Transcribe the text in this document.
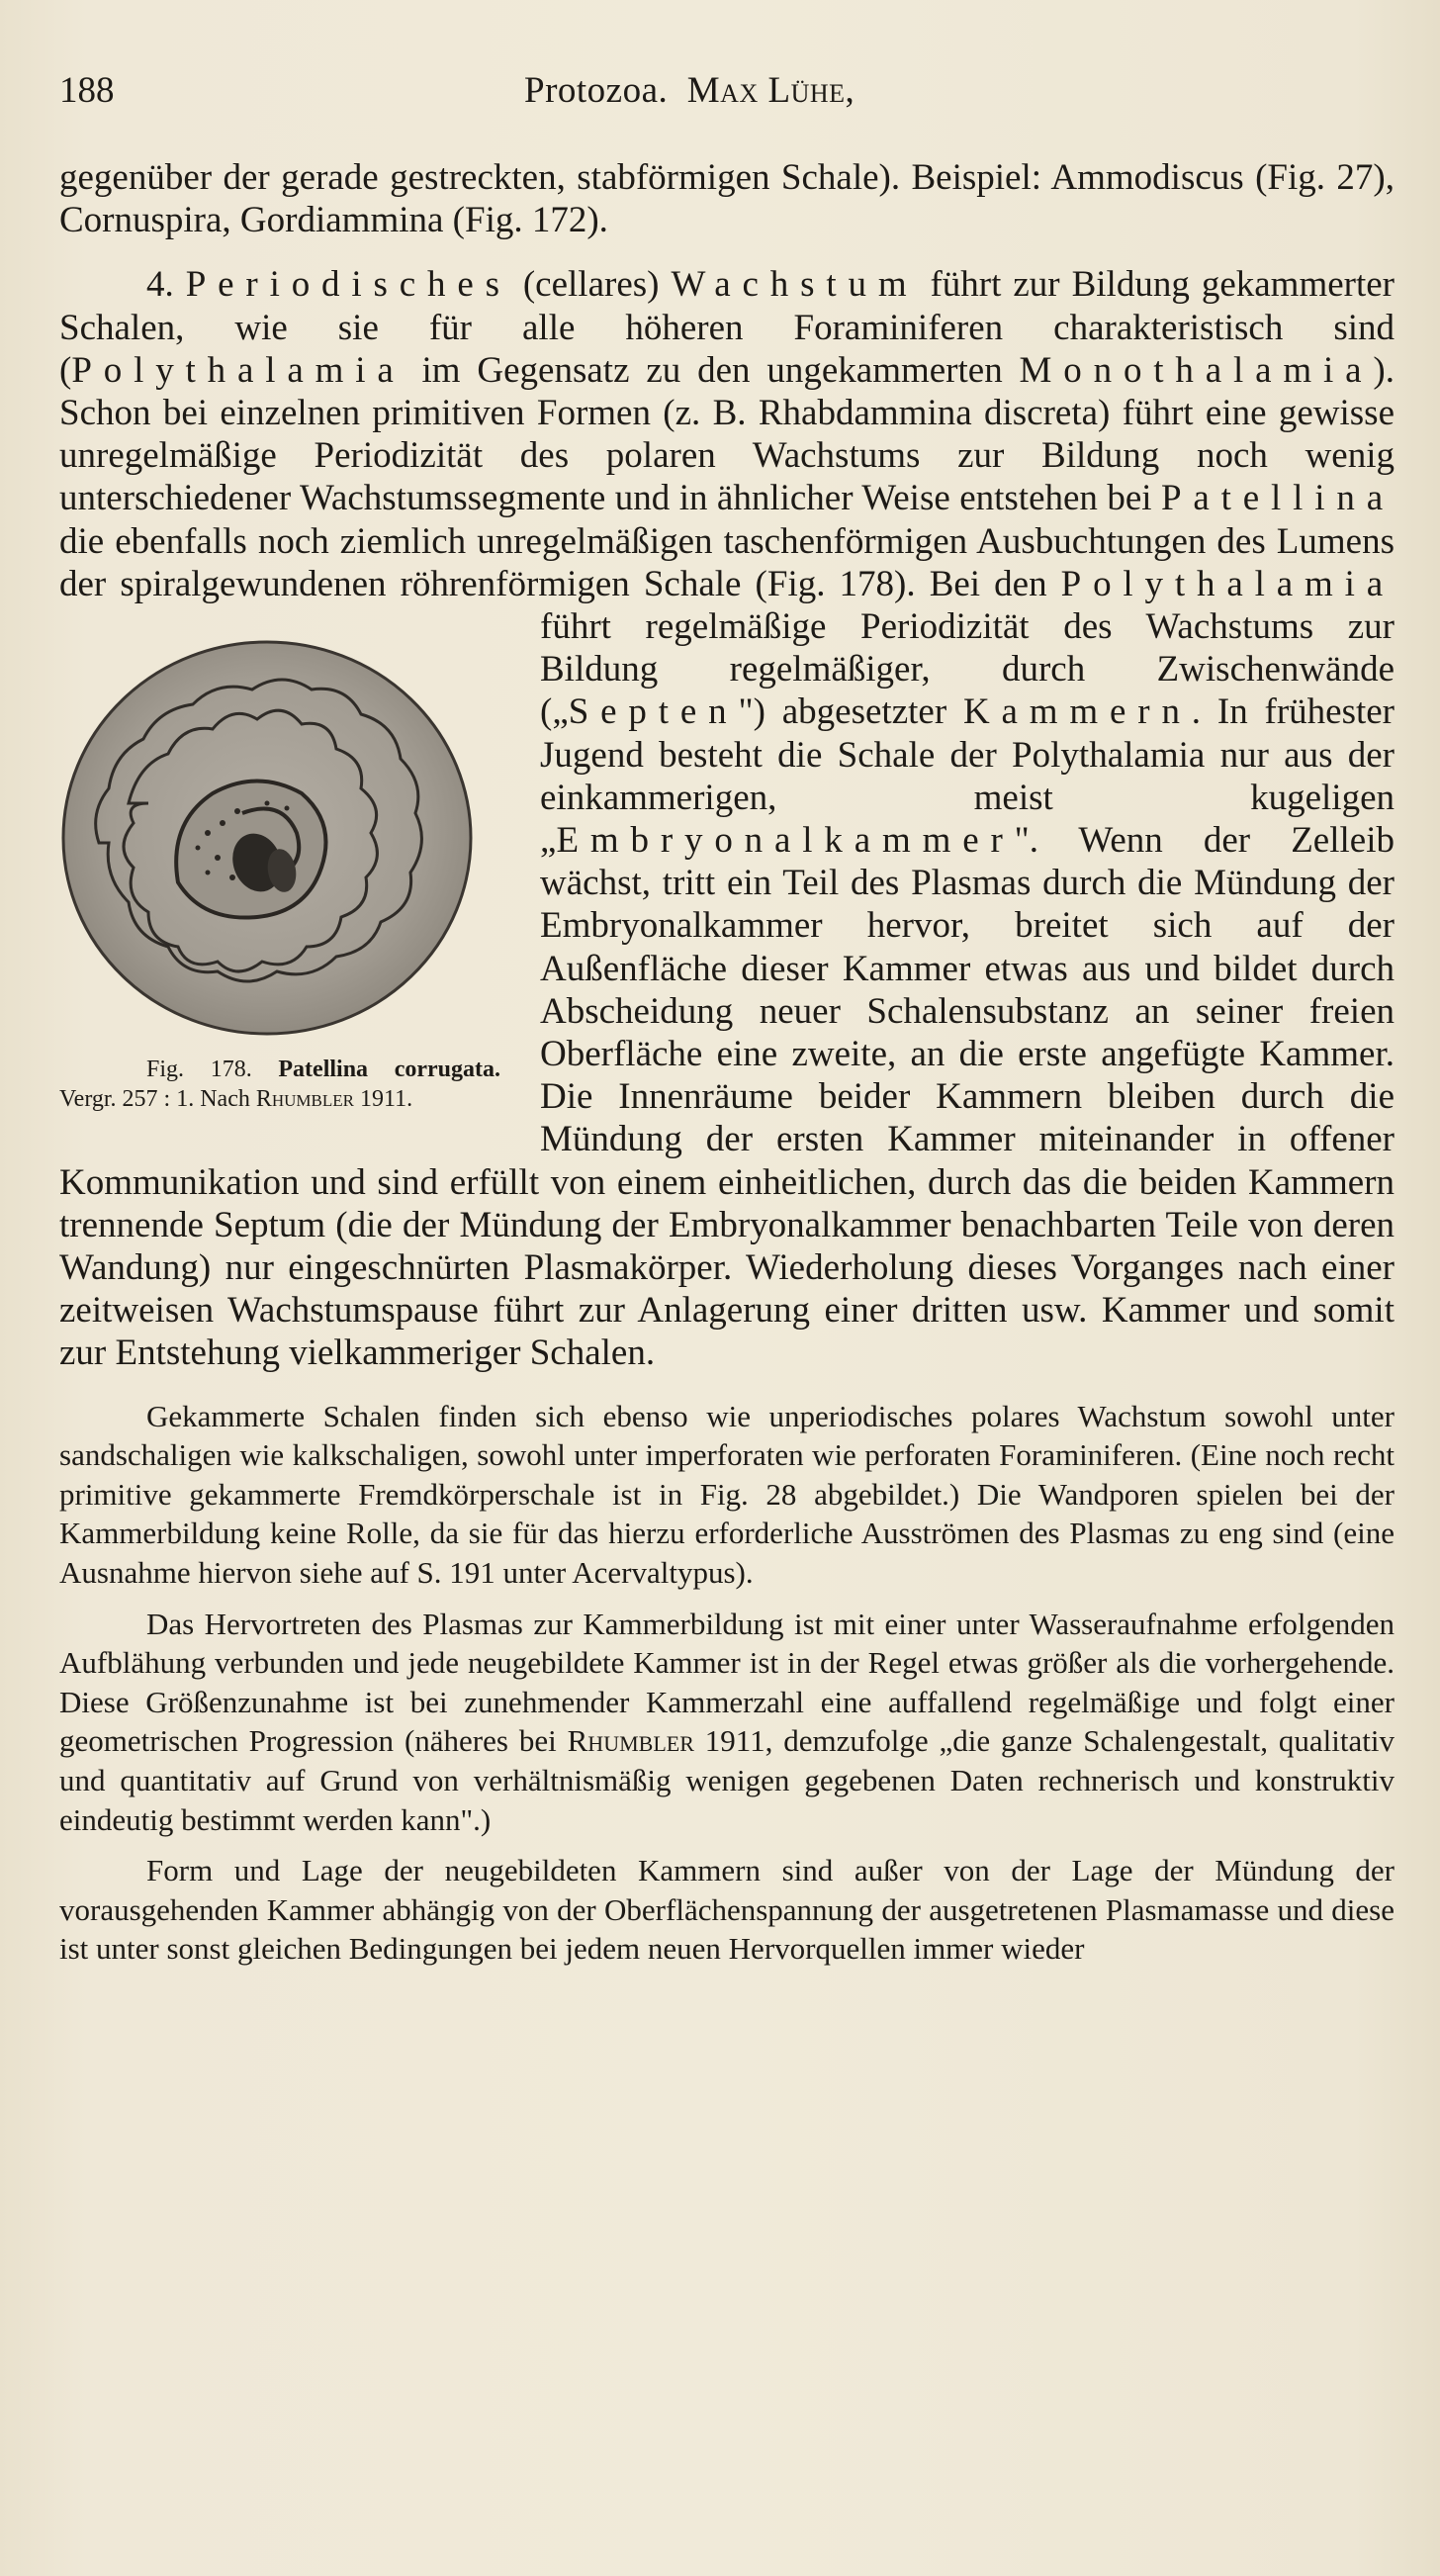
188	Protozoa. Max Lühe,

gegenüber der gerade gestreckten, stabförmigen Schale). Beispiel: Ammodiscus (Fig. 27), Cornuspira, Gordiammina (Fig. 172).

4. Periodisches (cellares) Wachstum führt zur Bildung gekammerter Schalen, wie sie für alle höheren Foraminiferen charakteristisch sind (Polythalamia im Gegensatz zu den ungekammerten Monothalamia). Schon bei einzelnen primitiven Formen (z. B. Rhabdammina discreta) führt eine gewisse unregelmäßige Periodizität des polaren Wachstums zur Bildung noch wenig unterschiedener Wachstumssegmente und in ähnlicher Weise entstehen bei Patellina die ebenfalls noch ziemlich unregelmäßigen taschenförmigen Ausbuchtungen des Lumens der spiralgewundenen röhrenförmigen Schale (Fig. 178). Bei den
Fig. 178. Patellina corrugata. Vergr. 257 : 1. Nach Rhumbler 1911.
Polythalamia führt regelmäßige Periodizität des Wachstums zur Bildung regelmäßiger, durch Zwischenwände („Septen") abgesetzter Kammern. In frühester Jugend besteht die Schale der Polythalamia nur aus der einkammerigen, meist kugeligen „Embryonalkammer". Wenn der Zelleib wächst, tritt ein Teil des Plasmas durch die Mündung der Embryonalkammer hervor, breitet sich auf der Außenfläche dieser Kammer etwas aus und bildet durch Abscheidung neuer Schalensubstanz an seiner freien Oberfläche eine zweite, an die erste angefügte Kammer. Die Innenräume beider Kammern bleiben durch die Mündung der ersten Kammer miteinander in offener Kommunikation und sind erfüllt von einem einheitlichen, durch das die beiden Kammern trennende Septum (die der Mündung der Embryonalkammer benachbarten Teile von deren Wandung) nur eingeschnürten Plasmakörper. Wiederholung dieses Vorganges nach einer zeitweisen Wachstumspause führt zur Anlagerung einer dritten usw. Kammer und somit zur Entstehung vielkammeriger Schalen.

Gekammerte Schalen finden sich ebenso wie unperiodisches polares Wachstum sowohl unter sandschaligen wie kalkschaligen, sowohl unter imperforaten wie perforaten Foraminiferen. (Eine noch recht primitive gekammerte Fremdkörperschale ist in Fig. 28 abgebildet.) Die Wandporen spielen bei der Kammerbildung keine Rolle, da sie für das hierzu erforderliche Ausströmen des Plasmas zu eng sind (eine Ausnahme hiervon siehe auf S. 191 unter Acervaltypus).

Das Hervortreten des Plasmas zur Kammerbildung ist mit einer unter Wasseraufnahme erfolgenden Aufblähung verbunden und jede neugebildete Kammer ist in der Regel etwas größer als die vorhergehende. Diese Größenzunahme ist bei zunehmender Kammerzahl eine auffallend regelmäßige und folgt einer geometrischen Progression (näheres bei Rhumbler 1911, demzufolge „die ganze Schalengestalt, qualitativ und quantitativ auf Grund von verhältnismäßig wenigen gegebenen Daten rechnerisch und konstruktiv eindeutig bestimmt werden kann".)

Form und Lage der neugebildeten Kammern sind außer von der Lage der Mündung der vorausgehenden Kammer abhängig von der Oberflächenspannung der ausgetretenen Plasmamasse und diese ist unter sonst gleichen Bedingungen bei jedem neuen Hervorquellen immer wieder
